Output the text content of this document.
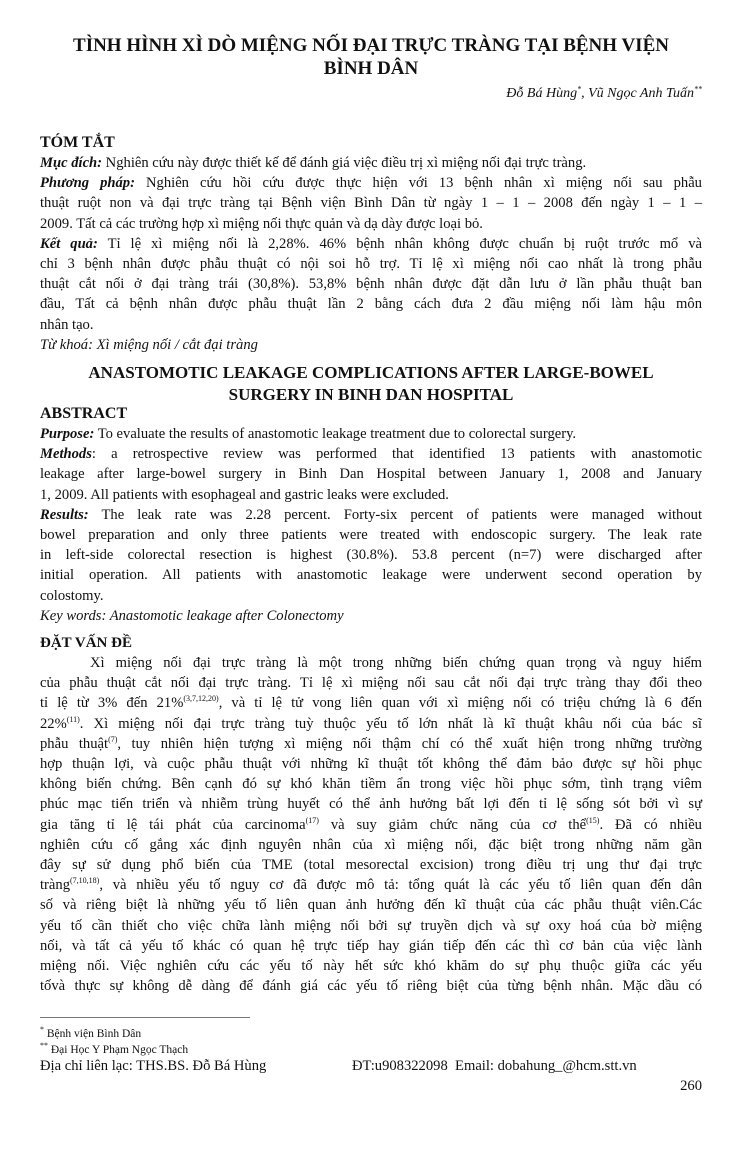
TÌNH HÌNH XÌ DÒ MIỆNG NỐI ĐẠI TRỰC TRÀNG TẠI BỆNH VIỆN
BÌNH DÂN
Đỗ Bá Hùng*, Vũ Ngọc Anh Tuấn**
TÓM TẮT
Mục đích: Nghiên cứu này được thiết kế để đánh giá việc điều trị xì miệng nối đại trực tràng.
Phương pháp: Nghiên cứu hồi cứu được thực hiện với 13 bệnh nhân xì miệng nối sau phẫu
thuật ruột non và đại trực tràng tại Bệnh viện Bình Dân từ ngày 1 – 1 – 2008 đến ngày 1 – 1 –
2009. Tất cả các trường hợp xì miệng nối thực quản và dạ dày được loại bỏ.
Kết quả: Tỉ lệ xì miệng nối là 2,28%. 46% bệnh nhân không được chuẩn bị ruột trước mổ và
chỉ 3 bệnh nhân được phẫu thuật có nội soi hỗ trợ. Tỉ lệ xì miệng nối cao nhất là trong phẫu
thuật cắt nối ở đại tràng trái (30,8%). 53,8% bệnh nhân được đặt dẫn lưu ở lần phẫu thuật ban
đầu, Tất cả bệnh nhân được phẫu thuật lần 2 bằng cách đưa 2 đầu miệng nối làm hậu môn
nhân tạo.
Từ khoá: Xì miệng nối / cắt đại tràng
ANASTOMOTIC LEAKAGE COMPLICATIONS AFTER LARGE-BOWEL
SURGERY IN BINH DAN HOSPITAL
ABSTRACT
Purpose: To evaluate the results of anastomotic leakage treatment due to colorectal surgery.
Methods: a retrospective review was performed that identified 13 patients with anastomotic
leakage after large-bowel surgery in Binh Dan Hospital between January 1, 2008 and January
1, 2009. All patients with esophageal and gastric leaks were excluded.
Results: The leak rate was 2.28 percent. Forty-six percent of patients were managed without
bowel preparation and only three patients were treated with endoscopic surgery. The leak rate
in left-side colorectal resection is highest (30.8%). 53.8 percent (n=7) were discharged after
initial operation. All patients with anastomotic leakage were underwent second operation by
colostomy.
Key words: Anastomotic leakage after Colonectomy
ĐẶT VẤN ĐỀ
Xì miệng nối đại trực tràng là một trong những biến chứng quan trọng và nguy hiểm
của phẫu thuật cắt nối đại trực tràng. Tỉ lệ xì miệng nối sau cắt nối đại trực tràng thay đổi theo
tỉ lệ từ 3% đến 21%$^{(3,7,12,20)}$, và tỉ lệ tử vong liên quan với xì miệng nối có triệu chứng là 6 đến
22%$^{(11)}$. Xì miệng nối đại trực tràng tuỳ thuộc yếu tố lớn nhất là kĩ thuật khâu nối của bác sĩ
phẫu thuật$^{(7)}$, tuy nhiên hiện tượng xì miệng nối thậm chí có thể xuất hiện trong những trường
hợp thuận lợi, và cuộc phẫu thuật với những kĩ thuật tốt không thể đảm bảo được sự hồi phục
không biến chứng. Bên cạnh đó sự khó khăn tiềm ẩn trong việc hồi phục sớm, tình trạng viêm
phúc mạc tiến triển và nhiễm trùng huyết có thể ảnh hưởng bất lợi đến tỉ lệ sống sót bởi vì sự
gia tăng tỉ lệ tái phát của carcinoma$^{(17)}$ và suy giảm chức năng của cơ thể$^{(15)}$. Đã có nhiều
nghiên cứu cố gắng xác định nguyên nhân của xì miệng nối, đặc biệt trong những năm gần
đây sự sử dụng phổ biến của TME (total mesorectal excision) trong điều trị ung thư đại trực
tràng$^{(7,10,18)}$, và nhiều yếu tố nguy cơ đã được mô tả: tổng quát là các yếu tố liên quan đến dân
số và riêng biệt là những yếu tố liên quan ảnh hưởng đến kĩ thuật của các phẫu thuật viên.Các
yếu tố cần thiết cho việc chữa lành miệng nối bởi sự truyền dịch và sự oxy hoá của bờ miệng
nối, và tất cả yếu tố khác có quan hệ trực tiếp hay gián tiếp đến các thì cơ bản của việc lành
miệng nối. Việc nghiên cứu các yếu tố này hết sức khó khăm do sự phụ thuộc giữa các yếu
tốvà thực sự không dễ dàng để đánh giá các yếu tố riêng biệt của từng bệnh nhân. Mặc dầu có
* Bệnh viện Bình Dân
** Đại Học Y Phạm Ngọc Thạch
Địa chỉ liên lạc: THS.BS. Đỗ Bá Hùng	ĐT:u908322098 Email: dobahung_@hcm.stt.vn
260
